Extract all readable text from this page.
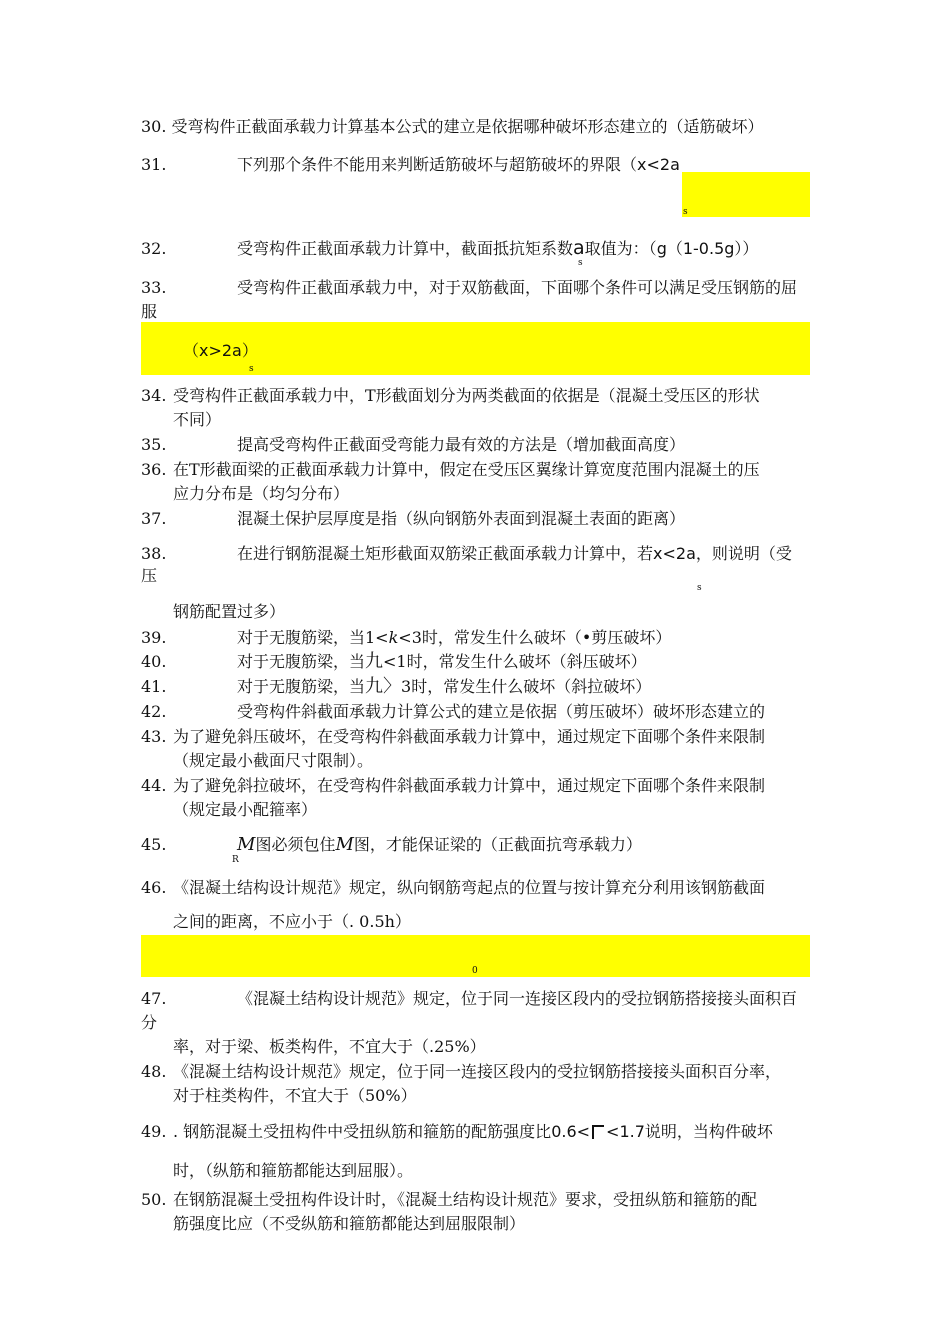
30. 受弯构件正截面承载力计算基本公式的建立是依据哪种破坏形态建立的（适筋破坏）
31.	下列那个条件不能用来判断适筋破坏与超筋破坏的界限（x<2a
s
32.	受弯构件正截面承载力计算中，截面抵抗矩系数a取值为：（g（1-0.5g））
s
33.	受弯构件正截面承载力中，对于双筋截面，下面哪个条件可以满足受压钢筋的屈
服
（x>2a）
s
34. 受弯构件正截面承载力中，T形截面划分为两类截面的依据是（混凝土受压区的形状
不同）
35.	提高受弯构件正截面受弯能力最有效的方法是（增加截面高度）
36. 在T形截面梁的正截面承载力计算中，假定在受压区翼缘计算宽度范围内混凝土的压
应力分布是（均匀分布）
37.	混凝土保护层厚度是指（纵向钢筋外表面到混凝土表面的距离）
38.	在进行钢筋混凝土矩形截面双筋梁正截面承载力计算中，若x<2a，则说明（受
压
s
钢筋配置过多）
39.	对于无腹筋梁，当1<k<3时，常发生什么破坏（•剪压破坏）
40.	对于无腹筋梁，当九<1时，常发生什么破坏（斜压破坏）
41.	对于无腹筋梁，当九〉3时，常发生什么破坏（斜拉破坏）
42.	受弯构件斜截面承载力计算公式的建立是依据（剪压破坏）破坏形态建立的
43. 为了避免斜压破坏，在受弯构件斜截面承载力计算中，通过规定下面哪个条件来限制
（规定最小截面尺寸限制）。
44. 为了避免斜拉破坏，在受弯构件斜截面承载力计算中，通过规定下面哪个条件来限制
（规定最小配箍率）
45.	M图必须包住M图，才能保证梁的（正截面抗弯承载力）
R
46. 《混凝土结构设计规范》规定，纵向钢筋弯起点的位置与按计算充分利用该钢筋截面
之间的距离，不应小于（. 0.5h）
0
47.	《混凝土结构设计规范》规定，位于同一连接区段内的受拉钢筋搭接接头面积百
分
率，对于梁、板类构件，不宜大于（.25%）
48. 《混凝土结构设计规范》规定，位于同一连接区段内的受拉钢筋搭接接头面积百分率，
对于柱类构件，不宜大于（50%）
49. . 钢筋混凝土受扭构件中受扭纵筋和箍筋的配筋强度比0.6< <1.7说明，当构件破坏
时，（纵筋和箍筋都能达到屈服）。
50. 在钢筋混凝土受扭构件设计时，《混凝土结构设计规范》要求，受扭纵筋和箍筋的配
筋强度比应（不受纵筋和箍筋都能达到屈服限制）
